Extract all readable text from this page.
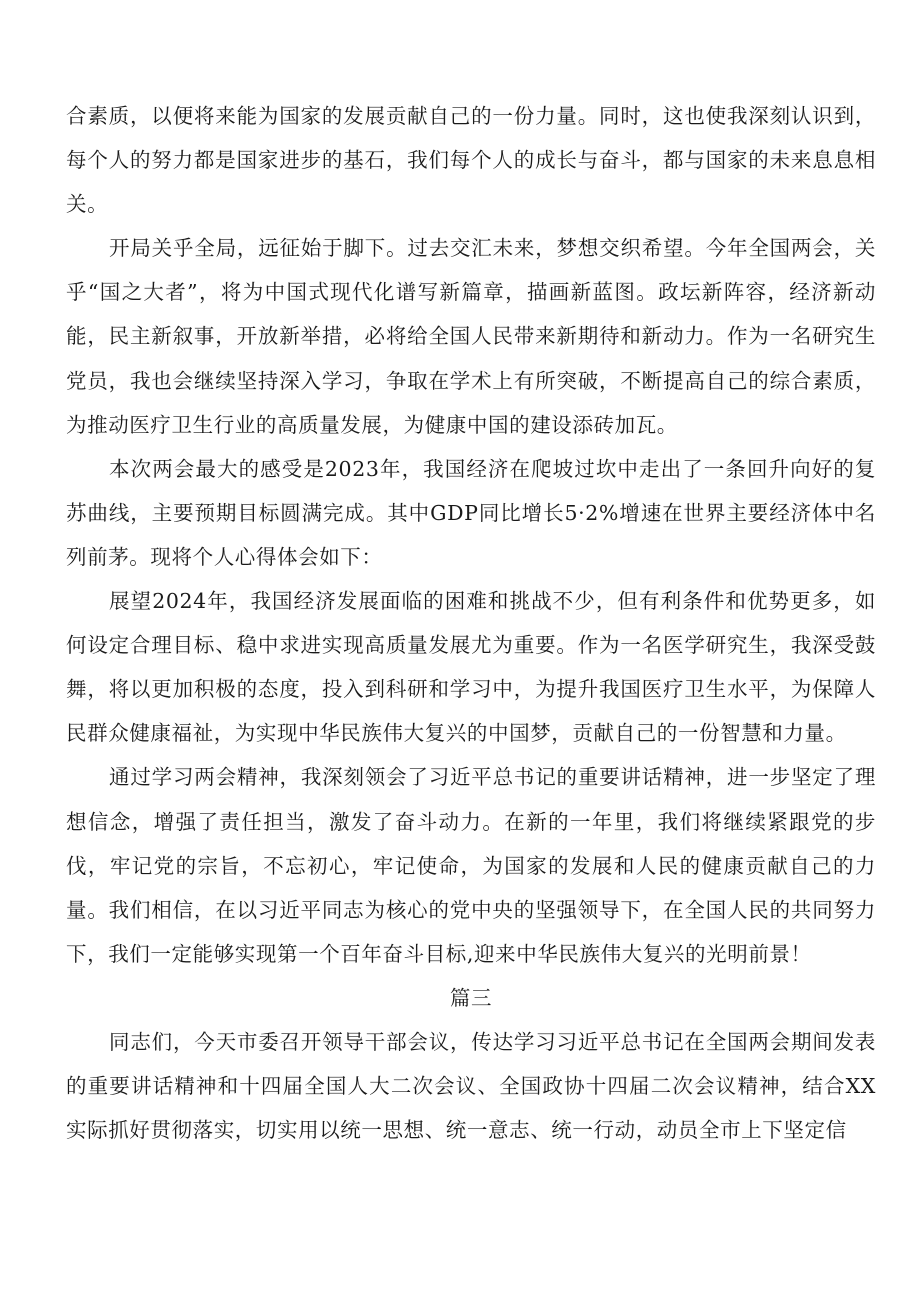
合素质，以便将来能为国家的发展贡献自己的一份力量。同时，这也使我深刻认识到，每个人的努力都是国家进步的基石，我们每个人的成长与奋斗，都与国家的未来息息相关。

开局关乎全局，远征始于脚下。过去交汇未来，梦想交织希望。今年全国两会，关乎“国之大者”，将为中国式现代化谱写新篇章，描画新蓝图。政坛新阵容，经济新动能，民主新叙事，开放新举措，必将给全国人民带来新期待和新动力。作为一名研究生党员，我也会继续坚持深入学习，争取在学术上有所突破，不断提高自己的综合素质，为推动医疗卫生行业的高质量发展，为健康中国的建设添砖加瓦。

本次两会最大的感受是2023年，我国经济在爬坡过坎中走出了一条回升向好的复苏曲线，主要预期目标圆满完成。其中GDP同比增长5·2%增速在世界主要经济体中名列前茅。现将个人心得体会如下：

展望2024年，我国经济发展面临的困难和挑战不少，但有利条件和优势更多，如何设定合理目标、稳中求进实现高质量发展尤为重要。作为一名医学研究生，我深受鼓舞，将以更加积极的态度，投入到科研和学习中，为提升我国医疗卫生水平，为保障人民群众健康福祉，为实现中华民族伟大复兴的中国梦，贡献自己的一份智慧和力量。

通过学习两会精神，我深刻领会了习近平总书记的重要讲话精神，进一步坚定了理想信念，增强了责任担当，激发了奋斗动力。在新的一年里，我们将继续紧跟党的步伐，牢记党的宗旨，不忘初心，牢记使命，为国家的发展和人民的健康贡献自己的力量。我们相信，在以习近平同志为核心的党中央的坚强领导下，在全国人民的共同努力下，我们一定能够实现第一个百年奋斗目标,迎来中华民族伟大复兴的光明前景！

篇三

同志们，今天市委召开领导干部会议，传达学习习近平总书记在全国两会期间发表的重要讲话精神和十四届全国人大二次会议、全国政协十四届二次会议精神，结合XX实际抓好贯彻落实，切实用以统一思想、统一意志、统一行动，动员全市上下坚定信
